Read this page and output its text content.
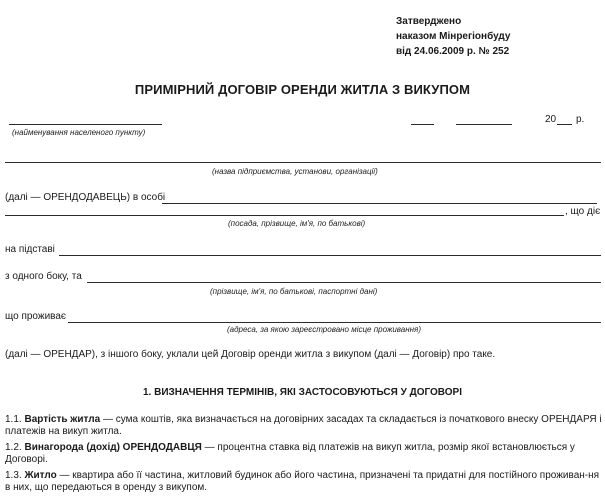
Затверджено
наказом Мінрегіонбуду
від 24.06.2009 р. № 252
ПРИМІРНИЙ ДОГОВІР ОРЕНДИ ЖИТЛА З ВИКУПОМ
20 р.
(найменування населеного пункту)
(назва підприємства, установи, організації)
(далі — ОРЕНДОДАВЕЦЬ) в особі
, що діє
(посада, прізвище, ім'я, по батькові)
на підставі
з одного боку, та
(прізвище, ім'я, по батькові, паспортні дані)
що проживає
(адреса, за якою зареєстровано місце проживання)
(далі — ОРЕНДАР), з іншого боку, уклали цей Договір оренди житла з викупом (далі — Договір) про таке.
1. ВИЗНАЧЕННЯ ТЕРМІНІВ, ЯКІ ЗАСТОСОВУЮТЬСЯ У ДОГОВОРІ
1.1. Вартість житла — сума коштів, яка визначається на договірних засадах та складається із початкового внеску ОРЕНДАРЯ і платежів на викуп житла.
1.2. Винагорода (дохід) ОРЕНДОДАВЦЯ — процентна ставка від платежів на викуп житла, розмір якої встановлюється у Договорі.
1.3. Житло — квартира або її частина, житловий будинок або його частина, призначені та придатні для постійного проживан-ня в них, що передаються в оренду з викупом.
